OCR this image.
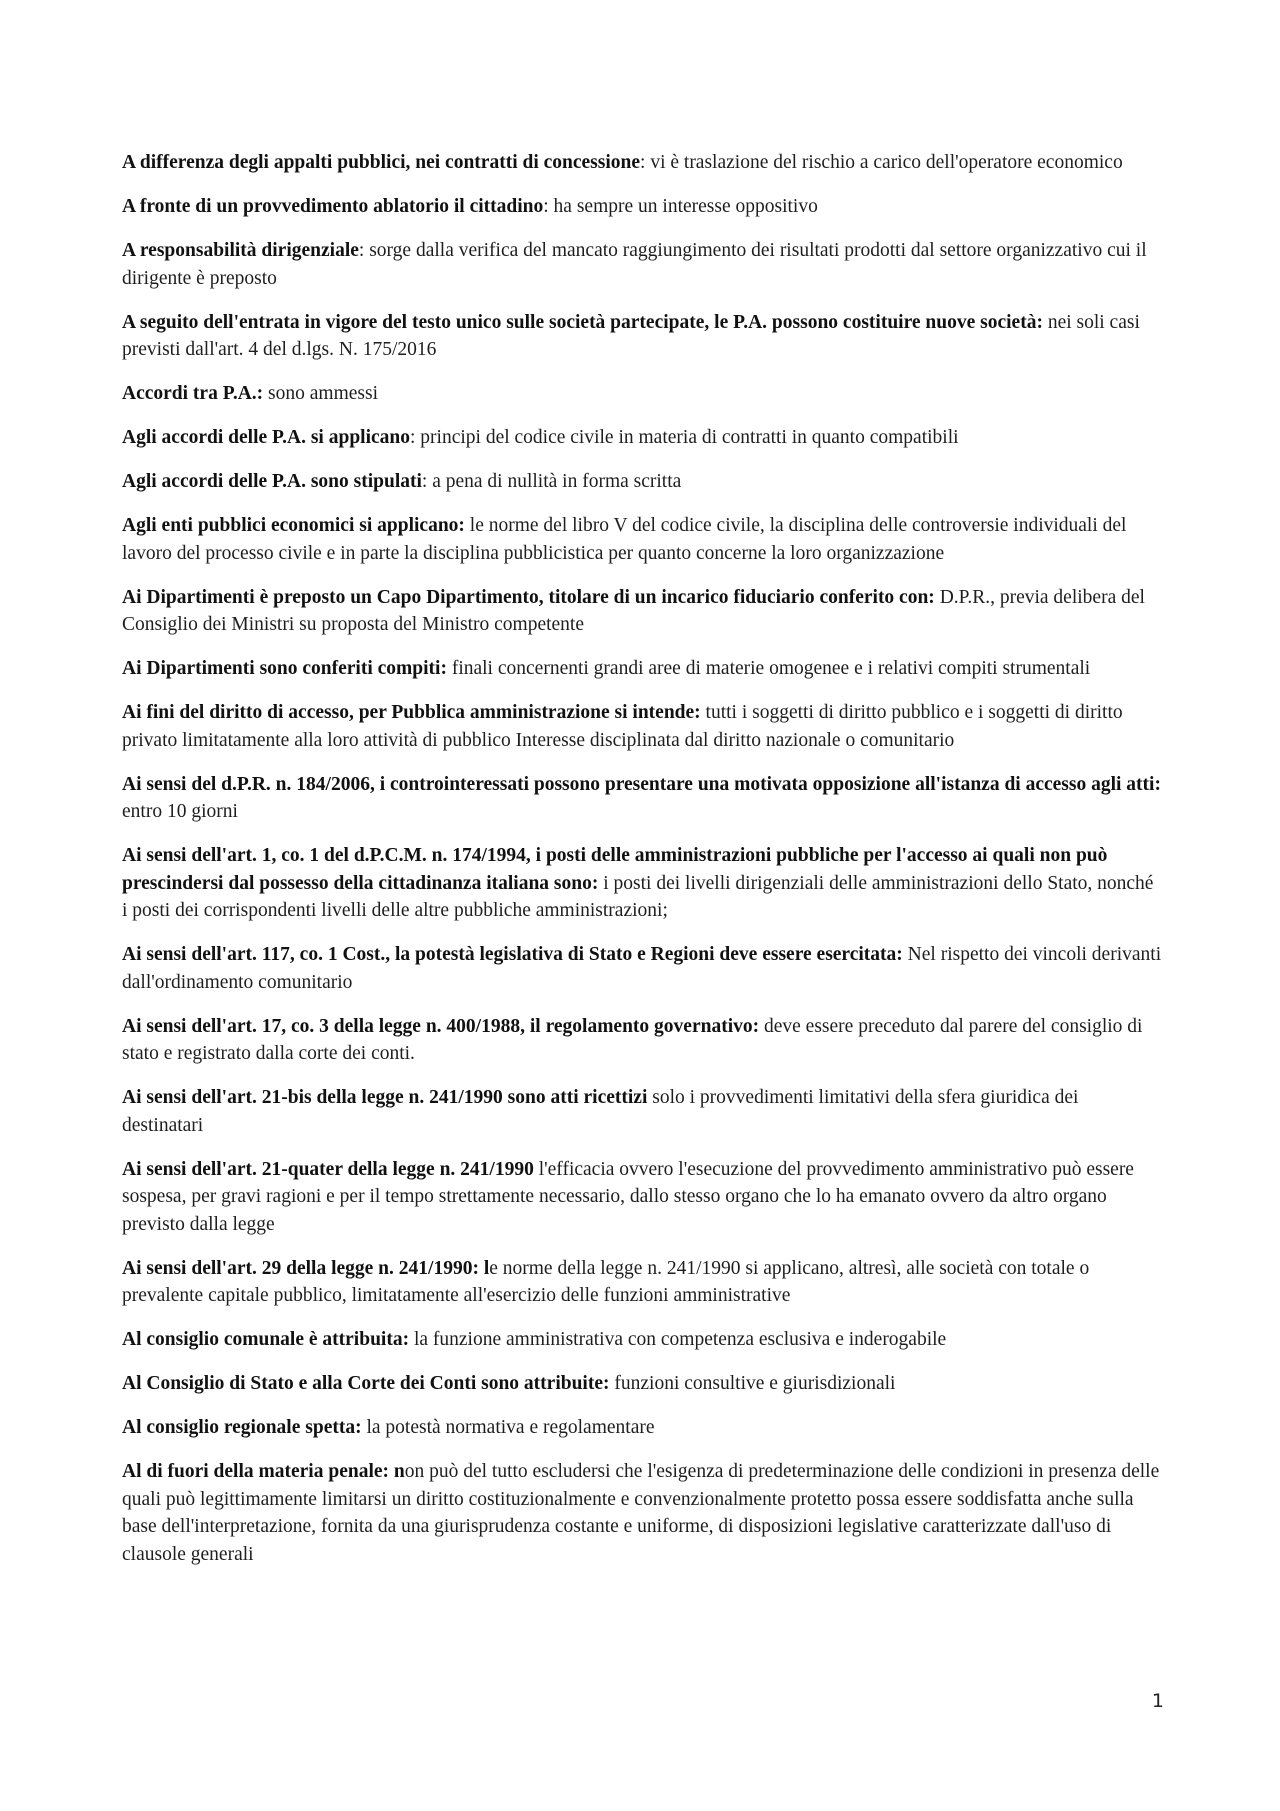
A differenza degli appalti pubblici, nei contratti di concessione: vi è traslazione del rischio a carico dell'operatore economico

A fronte di un provvedimento ablatorio il cittadino: ha sempre un interesse oppositivo

A responsabilità dirigenziale: sorge dalla verifica del mancato raggiungimento dei risultati prodotti dal settore organizzativo cui il dirigente è preposto

A seguito dell'entrata in vigore del testo unico sulle società partecipate, le P.A. possono costituire nuove società: nei soli casi previsti dall'art. 4 del d.lgs. N. 175/2016

Accordi tra P.A.: sono ammessi

Agli accordi delle P.A. si applicano: principi del codice civile in materia di contratti in quanto compatibili

Agli accordi delle P.A. sono stipulati: a pena di nullità in forma scritta

Agli enti pubblici economici si applicano: le norme del libro V del codice civile, la disciplina delle controversie individuali del lavoro del processo civile e in parte la disciplina pubblicistica per quanto concerne la loro organizzazione

Ai Dipartimenti è preposto un Capo Dipartimento, titolare di un incarico fiduciario conferito con: D.P.R., previa delibera del Consiglio dei Ministri su proposta del Ministro competente

Ai Dipartimenti sono conferiti compiti: finali concernenti grandi aree di materie omogenee e i relativi compiti strumentali

Ai fini del diritto di accesso, per Pubblica amministrazione si intende: tutti i soggetti di diritto pubblico e i soggetti di diritto privato limitatamente alla loro attività di pubblico Interesse disciplinata dal diritto nazionale o comunitario

Ai sensi del d.P.R. n. 184/2006, i controinteressati possono presentare una motivata opposizione all'istanza di accesso agli atti: entro 10 giorni

Ai sensi dell'art. 1, co. 1 del d.P.C.M. n. 174/1994, i posti delle amministrazioni pubbliche per l'accesso ai quali non può prescindersi dal possesso della cittadinanza italiana sono: i posti dei livelli dirigenziali delle amministrazioni dello Stato, nonché i posti dei corrispondenti livelli delle altre pubbliche amministrazioni;

Ai sensi dell'art. 117, co. 1 Cost., la potestà legislativa di Stato e Regioni deve essere esercitata: Nel rispetto dei vincoli derivanti dall'ordinamento comunitario

Ai sensi dell'art. 17, co. 3 della legge n. 400/1988, il regolamento governativo: deve essere preceduto dal parere del consiglio di stato e registrato dalla corte dei conti.

Ai sensi dell'art. 21-bis della legge n. 241/1990 sono atti ricettizi solo i provvedimenti limitativi della sfera giuridica dei destinatari

Ai sensi dell'art. 21-quater della legge n. 241/1990 l'efficacia ovvero l'esecuzione del provvedimento amministrativo può essere sospesa, per gravi ragioni e per il tempo strettamente necessario, dallo stesso organo che lo ha emanato ovvero da altro organo previsto dalla legge

Ai sensi dell'art. 29 della legge n. 241/1990: le norme della legge n. 241/1990 si applicano, altresì, alle società con totale o prevalente capitale pubblico, limitatamente all'esercizio delle funzioni amministrative

Al consiglio comunale è attribuita: la funzione amministrativa con competenza esclusiva e inderogabile

Al Consiglio di Stato e alla Corte dei Conti sono attribuite: funzioni consultive e giurisdizionali

Al consiglio regionale spetta: la potestà normativa e regolamentare

Al di fuori della materia penale: non può del tutto escludersi che l'esigenza di predeterminazione delle condizioni in presenza delle quali può legittimamente limitarsi un diritto costituzionalmente e convenzionalmente protetto possa essere soddisfatta anche sulla base dell'interpretazione, fornita da una giurisprudenza costante e uniforme, di disposizioni legislative caratterizzate dall'uso di clausole generali

1
